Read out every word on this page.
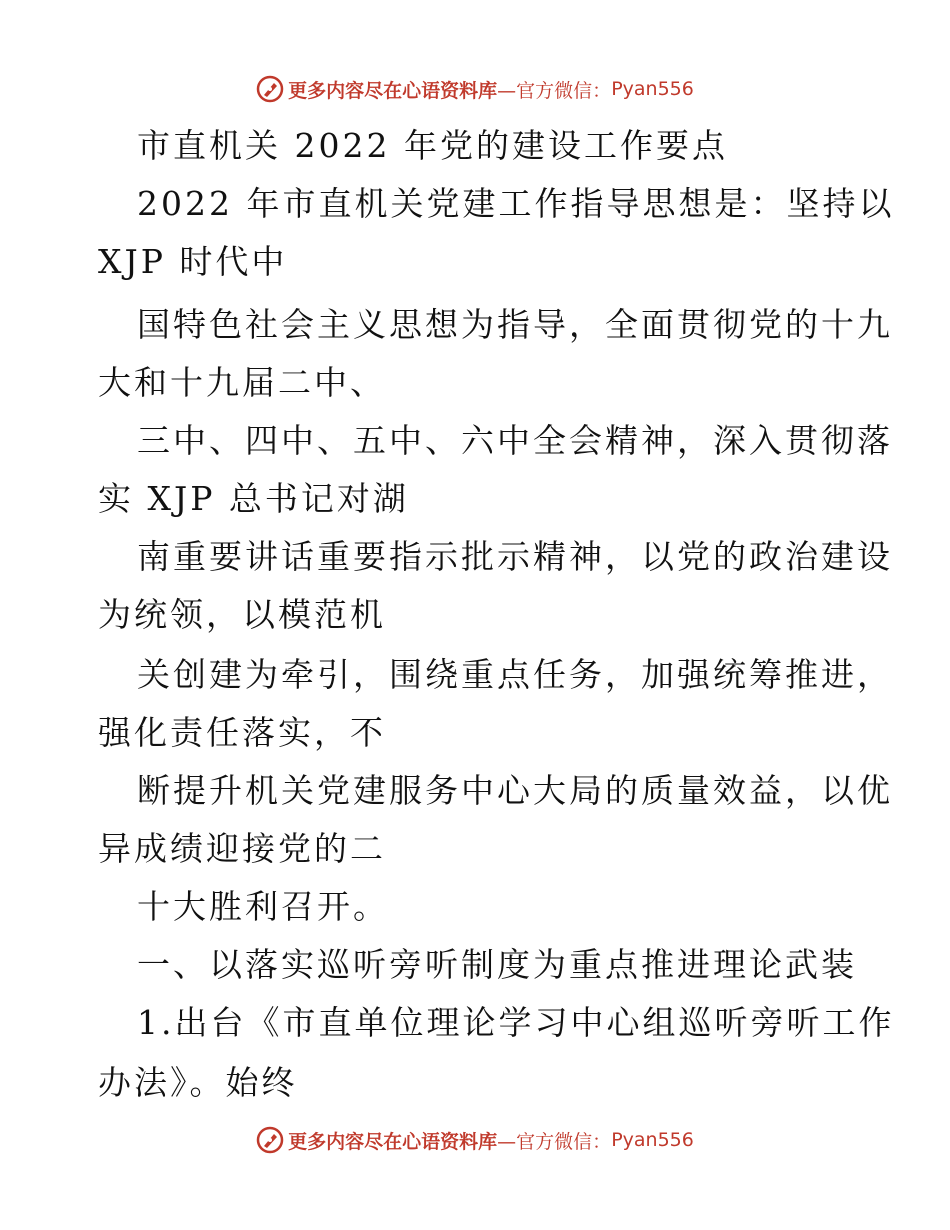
更多内容尽在心语资料库 —官方微信： Pyan556
市直机关 2022 年党的建设工作要点
2022 年市直机关党建工作指导思想是：坚持以
XJP 时代中
国特色社会主义思想为指导，全面贯彻党的十九
大和十九届二中、
三中、四中、五中、六中全会精神，深入贯彻落
实 XJP 总书记对湖
南重要讲话重要指示批示精神，以党的政治建设
为统领，以模范机
关创建为牵引，围绕重点任务，加强统筹推进，
强化责任落实，不
断提升机关党建服务中心大局的质量效益，以优
异成绩迎接党的二
十大胜利召开。
一、以落实巡听旁听制度为重点推进理论武装
1.出台《市直单位理论学习中心组巡听旁听工作
办法》。始终
更多内容尽在心语资料库 —官方微信： Pyan556
